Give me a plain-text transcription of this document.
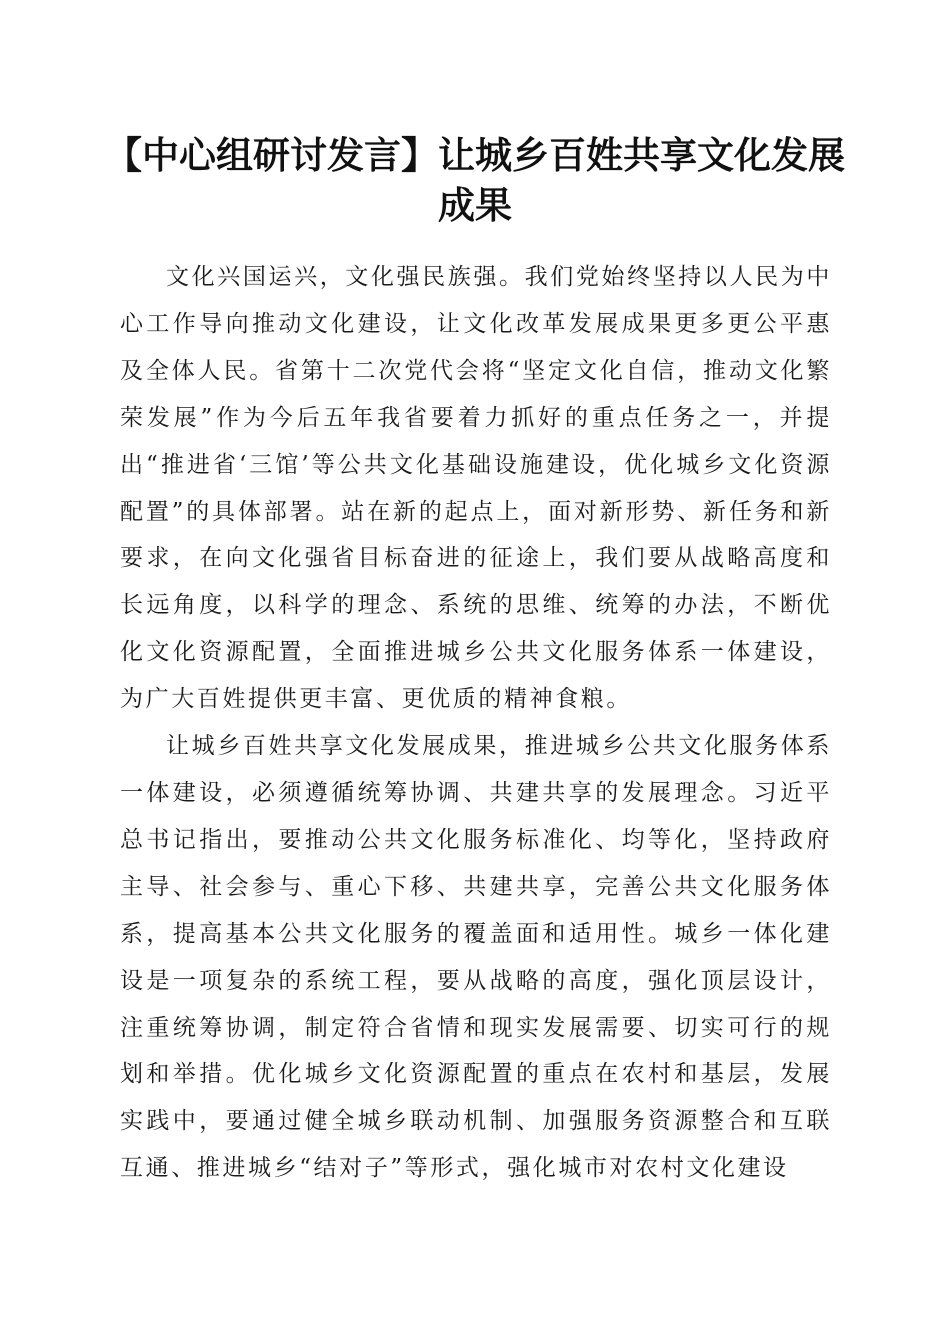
【中心组研讨发言】让城乡百姓共享文化发展
成果

文化兴国运兴，文化强民族强。我们党始终坚持以人民为中心工作导向推动文化建设，让文化改革发展成果更多更公平惠及全体人民。省第十二次党代会将“坚定文化自信，推动文化繁荣发展”作为今后五年我省要着力抓好的重点任务之一，并提出“推进省‘三馆’等公共文化基础设施建设，优化城乡文化资源配置”的具体部署。站在新的起点上，面对新形势、新任务和新要求，在向文化强省目标奋进的征途上，我们要从战略高度和长远角度，以科学的理念、系统的思维、统筹的办法，不断优化文化资源配置，全面推进城乡公共文化服务体系一体建设，为广大百姓提供更丰富、更优质的精神食粮。

让城乡百姓共享文化发展成果，推进城乡公共文化服务体系一体建设，必须遵循统筹协调、共建共享的发展理念。习近平总书记指出，要推动公共文化服务标准化、均等化，坚持政府主导、社会参与、重心下移、共建共享，完善公共文化服务体系，提高基本公共文化服务的覆盖面和适用性。城乡一体化建设是一项复杂的系统工程，要从战略的高度，强化顶层设计，注重统筹协调，制定符合省情和现实发展需要、切实可行的规划和举措。优化城乡文化资源配置的重点在农村和基层，发展实践中，要通过健全城乡联动机制、加强服务资源整合和互联互通、推进城乡“结对子”等形式，强化城市对农村文化建设
